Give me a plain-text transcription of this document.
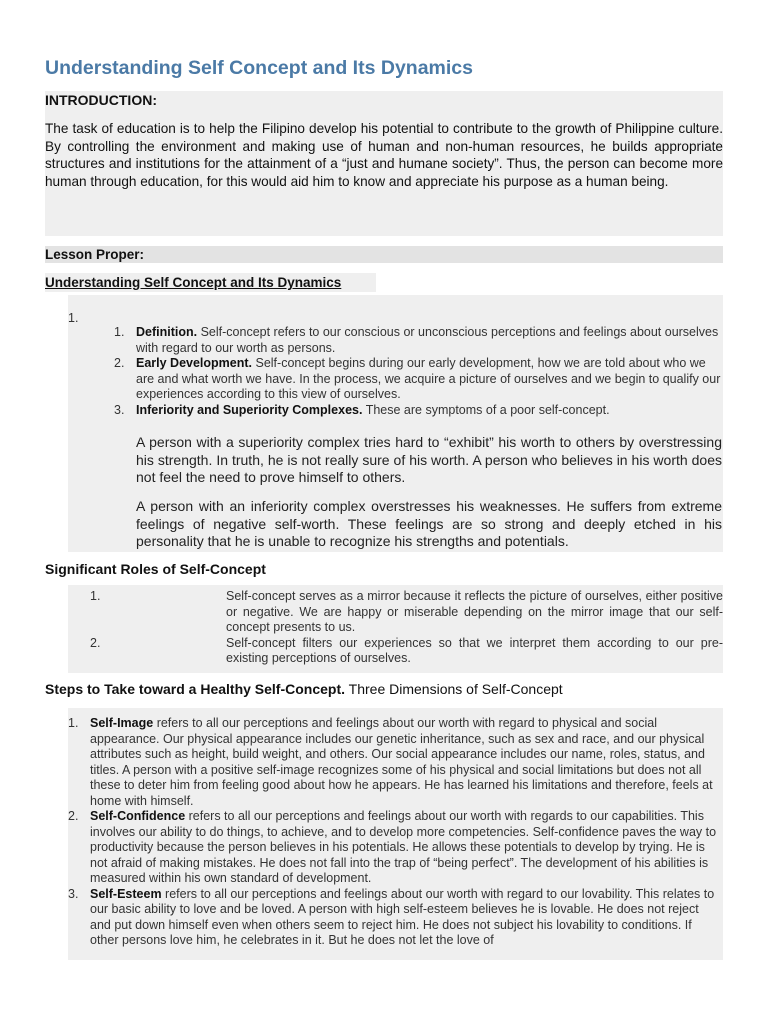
Understanding Self Concept and Its Dynamics
INTRODUCTION:

The task of education is to help the Filipino develop his potential to contribute to the growth of Philippine culture. By controlling the environment and making use of human and non-human resources, he builds appropriate structures and institutions for the attainment of a “just and humane society”. Thus, the person can become more human through education, for this would aid him to know and appreciate his purpose as a human being.

Lesson Proper:
Understanding Self Concept and Its Dynamics
1.
1. Definition. Self-concept refers to our conscious or unconscious perceptions and feelings about ourselves with regard to our worth as persons.
2. Early Development. Self-concept begins during our early development, how we are told about who we are and what worth we have. In the process, we acquire a picture of ourselves and we begin to qualify our experiences according to this view of ourselves.
3. Inferiority and Superiority Complexes. These are symptoms of a poor self-concept.

A person with a superiority complex tries hard to “exhibit” his worth to others by overstressing his strength. In truth, he is not really sure of his worth. A person who believes in his worth does not feel the need to prove himself to others.

A person with an inferiority complex overstresses his weaknesses. He suffers from extreme feelings of negative self-worth. These feelings are so strong and deeply etched in his personality that he is unable to recognize his strengths and potentials.

Significant Roles of Self-Concept
1.	Self-concept serves as a mirror because it reflects the picture of ourselves, either positive or negative. We are happy or miserable depending on the mirror image that our self-concept presents to us.
2.	Self-concept filters our experiences so that we interpret them according to our pre-existing perceptions of ourselves.
Steps to Take toward a Healthy Self-Concept. Three Dimensions of Self-Concept
1. Self-Image refers to all our perceptions and feelings about our worth with regard to physical and social appearance. Our physical appearance includes our genetic inheritance, such as sex and race, and our physical attributes such as height, build weight, and others. Our social appearance includes our name, roles, status, and titles. A person with a positive self-image recognizes some of his physical and social limitations but does not all these to deter him from feeling good about how he appears. He has learned his limitations and therefore, feels at home with himself.
2. Self-Confidence refers to all our perceptions and feelings about our worth with regards to our capabilities. This involves our ability to do things, to achieve, and to develop more competencies. Self-confidence paves the way to productivity because the person believes in his potentials. He allows these potentials to develop by trying. He is not afraid of making mistakes. He does not fall into the trap of “being perfect”. The development of his abilities is measured within his own standard of development.
3. Self-Esteem refers to all our perceptions and feelings about our worth with regard to our lovability. This relates to our basic ability to love and be loved. A person with high self-esteem believes he is lovable. He does not reject and put down himself even when others seem to reject him. He does not subject his lovability to conditions. If other persons love him, he celebrates in it. But he does not let the love of
